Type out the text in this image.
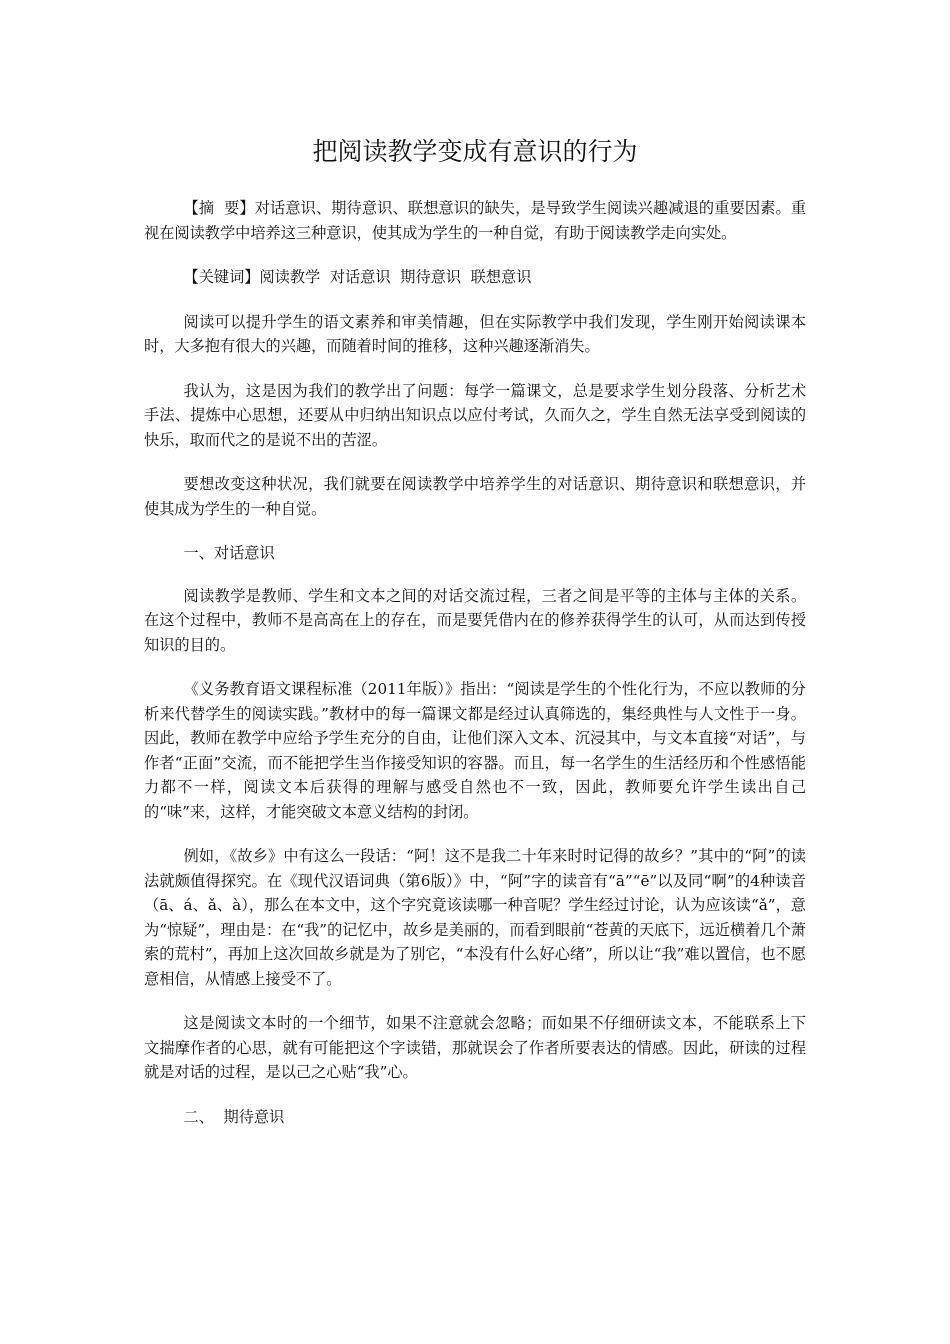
把阅读教学变成有意识的行为

【摘  要】对话意识、期待意识、联想意识的缺失，是导致学生阅读兴趣减退的重要因素。重视在阅读教学中培养这三种意识，使其成为学生的一种自觉，有助于阅读教学走向实处。

【关键词】阅读教学  对话意识  期待意识  联想意识

阅读可以提升学生的语文素养和审美情趣，但在实际教学中我们发现，学生刚开始阅读课本时，大多抱有很大的兴趣，而随着时间的推移，这种兴趣逐渐消失。

我认为，这是因为我们的教学出了问题：每学一篇课文，总是要求学生划分段落、分析艺术手法、提炼中心思想，还要从中归纳出知识点以应付考试，久而久之，学生自然无法享受到阅读的快乐，取而代之的是说不出的苦涩。

要想改变这种状况，我们就要在阅读教学中培养学生的对话意识、期待意识和联想意识，并使其成为学生的一种自觉。

一、对话意识

阅读教学是教师、学生和文本之间的对话交流过程，三者之间是平等的主体与主体的关系。在这个过程中，教师不是高高在上的存在，而是要凭借内在的修养获得学生的认可，从而达到传授知识的目的。

《义务教育语文课程标准（2011年版）》指出：“阅读是学生的个性化行为，不应以教师的分析来代替学生的阅读实践。”教材中的每一篇课文都是经过认真筛选的，集经典性与人文性于一身。因此，教师在教学中应给予学生充分的自由，让他们深入文本、沉浸其中，与文本直接“对话”，与作者“正面”交流，而不能把学生当作接受知识的容器。而且，每一名学生的生活经历和个性感悟能力都不一样，阅读文本后获得的理解与感受自然也不一致，因此，教师要允许学生读出自己的“味”来，这样，才能突破文本意义结构的封闭。

例如，《故乡》中有这么一段话：“阿！这不是我二十年来时时记得的故乡？”其中的“阿”的读法就颇值得探究。在《现代汉语词典（第6版）》中，“阿”字的读音有“ā”“ē”以及同“啊”的4种读音（ā、á、ǎ、à），那么在本文中，这个字究竟该读哪一种音呢？学生经过讨论，认为应该读“ǎ”，意为“惊疑”，理由是：在“我”的记忆中，故乡是美丽的，而看到眼前“苍黄的天底下，远近横着几个萧索的荒村”，再加上这次回故乡就是为了别它，“本没有什么好心绪”，所以让“我”难以置信，也不愿意相信，从情感上接受不了。

这是阅读文本时的一个细节，如果不注意就会忽略；而如果不仔细研读文本，不能联系上下文揣摩作者的心思，就有可能把这个字读错，那就误会了作者所要表达的情感。因此，研读的过程就是对话的过程，是以己之心贴“我”心。

二、  期待意识
